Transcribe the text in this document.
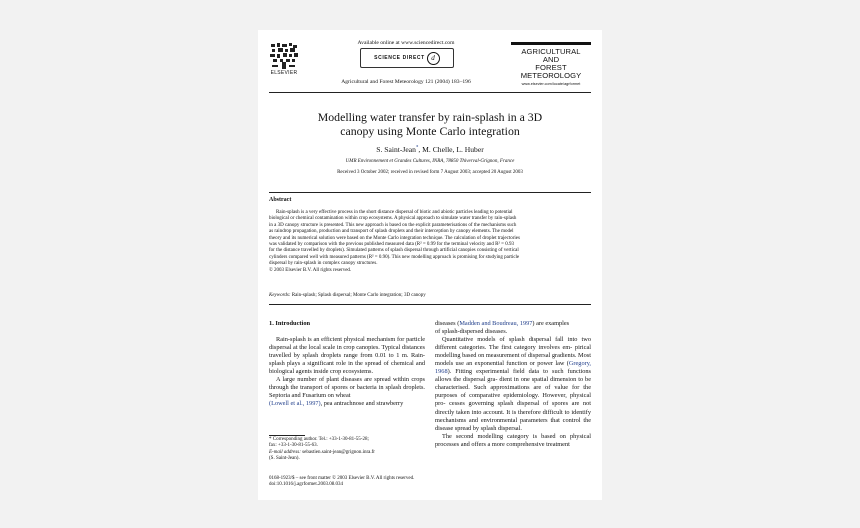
ELSEVIER
Available online at www.sciencedirect.com
SCIENCE DIRECT d
Agricultural and Forest Meteorology 121 (2004) 183–196
AGRICULTURAL
AND
FOREST
METEOROLOGY
www.elsevier.com/locate/agrformet
Modelling water transfer by rain-splash in a 3D
canopy using Monte Carlo integration
S. Saint-Jean*, M. Chelle, L. Huber
UMR Environnement et Grandes Cultures, INRA, 78850 Thiverval-Grignon, France
Received 3 October 2002; received in revised form 7 August 2003; accepted 20 August 2003
Abstract
Rain-splash is a very effective process in the short distance dispersal of biotic and abiotic particles leading to potential
biological or chemical contamination within crop ecosystems. A physical approach to simulate water transfer by rain-splash
in a 3D canopy structure is presented. This new approach is based on the explicit parameterisations of the mechanisms such
as raindrop propagation, production and transport of splash droplets and their interception by canopy elements. The model
theory and its numerical solution were based on the Monte Carlo integration technique. The calculation of droplet trajectories
was validated by comparison with the previous published measured data (R² = 0.99 for the terminal velocity and R² = 0.93
for the distance travelled by droplets). Simulated patterns of splash dispersal through artificial canopies consisting of vertical
cylinders compared well with measured patterns (R² = 0.90). This new modelling approach is promising for studying particle
dispersal by rain-splash in complex canopy structures.
© 2003 Elsevier B.V. All rights reserved.
Keywords: Rain-splash; Splash dispersal; Monte Carlo integration; 3D canopy
1. Introduction

Rain-splash is an efficient physical mechanism for particle dispersal at the local scale in crop canopies. Typical distances travelled by splash droplets range from 0.01 to 1 m. Rain-splash plays a significant role in the spread of chemical and biological agents inside crop ecosystems.

A large number of plant diseases are spread within crops through the transport of spores or bacteria in splash droplets. Septoria and Fusarium on wheat

(Lowell et al., 1997), pea antrachnose and strawberry

* Corresponding author. Tel.: +33-1-30-81-55-28;
fax: +33-1-30-81-55-63.
E-mail address: sebastien.saint-jean@grignon.inra.fr
(S. Saint-Jean).

diseases (Madden and Boudreau, 1997) are examples

of splash-dispersed diseases.

Quantitative models of splash dispersal fall into two different categories. The first category involves em- pirical modelling based on measurement of dispersal gradients. Most models use an exponential function or power law (Gregory, 1968). Fitting experimental field data to such functions allows the dispersal gra- dient in one spatial dimension to be characterised. Such approximations are of value for the purposes of comparative epidemiology. However, physical pro- cesses governing splash dispersal of spores are not directly taken into account. It is therefore difficult to identify mechanisms and environmental parameters that control the disease spread by splash dispersal.

The second modelling category is based on physical processes and offers a more comprehensive treatment

0168-1923/$ – see front matter © 2003 Elsevier B.V. All rights reserved.
doi:10.1016/j.agrformet.2003.08.034
